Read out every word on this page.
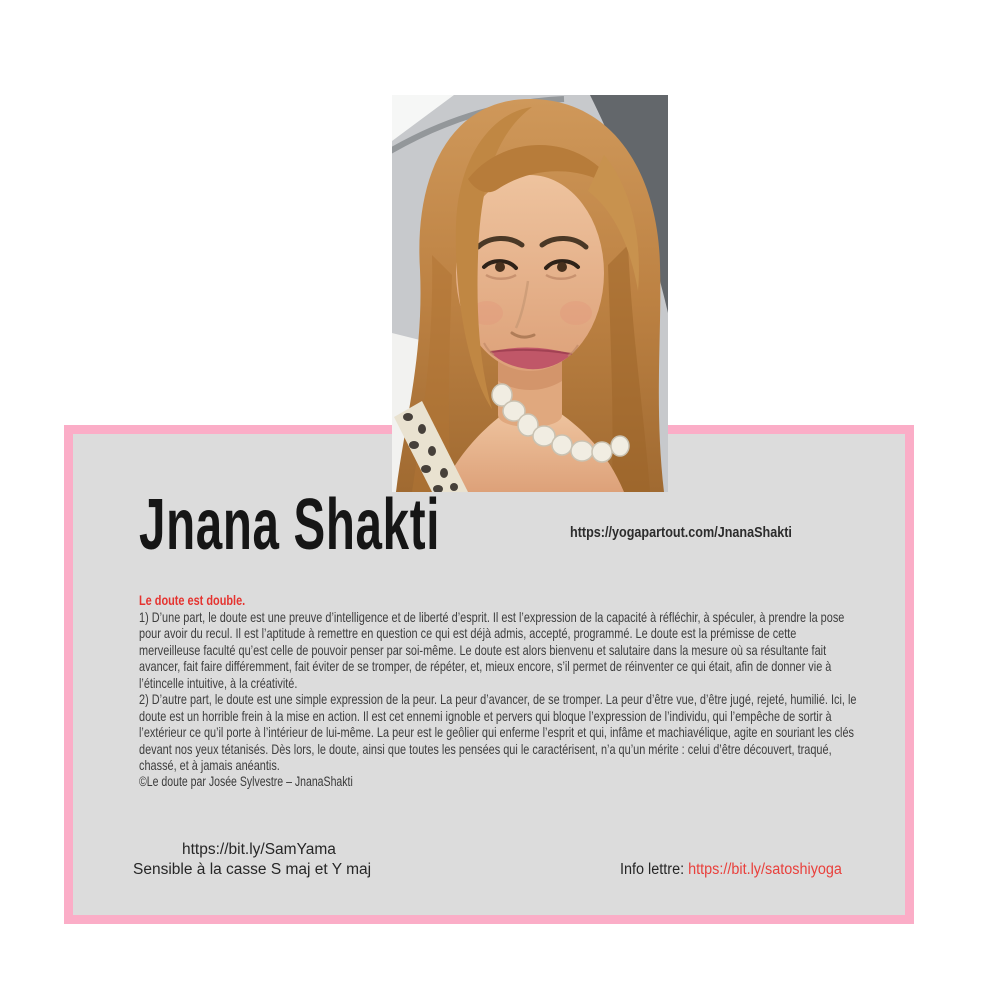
Jnana Shakti	https://yogapartout.com/JnanaShakti

Le doute est double.

1) D’une part, le doute est une preuve d’intelligence et de liberté d’esprit. Il est l’expression de la capacité à réfléchir, à spéculer, à prendre la pose pour avoir du recul. Il est l’aptitude à remettre en question ce qui est déjà admis, accepté, programmé. Le doute est la prémisse de cette merveilleuse faculté qu’est celle de pouvoir penser par soi-même. Le doute est alors bienvenu et salutaire dans la mesure où sa résultante fait avancer, fait faire différemment, fait éviter de se tromper, de répéter, et, mieux encore, s’il permet de réinventer ce qui était, afin de donner vie à l’étincelle intuitive, à la créativité.

2) D’autre part, le doute est une simple expression de la peur. La peur d’avancer, de se tromper. La peur d’être vue, d’être jugé, rejeté, humilié. Ici, le doute est un horrible frein à la mise en action. Il est cet ennemi ignoble et pervers qui bloque l’expression de l’individu, qui l’empêche de sortir à l’extérieur ce qu’il porte à l’intérieur de lui-même. La peur est le geôlier qui enferme l’esprit et qui, infâme et machiavélique, agite en souriant les clés devant nos yeux tétanisés. Dès lors, le doute, ainsi que toutes les pensées qui le caractérisent, n’a qu’un mérite : celui d’être découvert, traqué, chassé, et à jamais anéantis.

©Le doute par Josée Sylvestre – JnanaShakti

https://bit.ly/SamYama
Sensible à la casse S maj et Y maj	Info lettre: https://bit.ly/satoshiyoga
